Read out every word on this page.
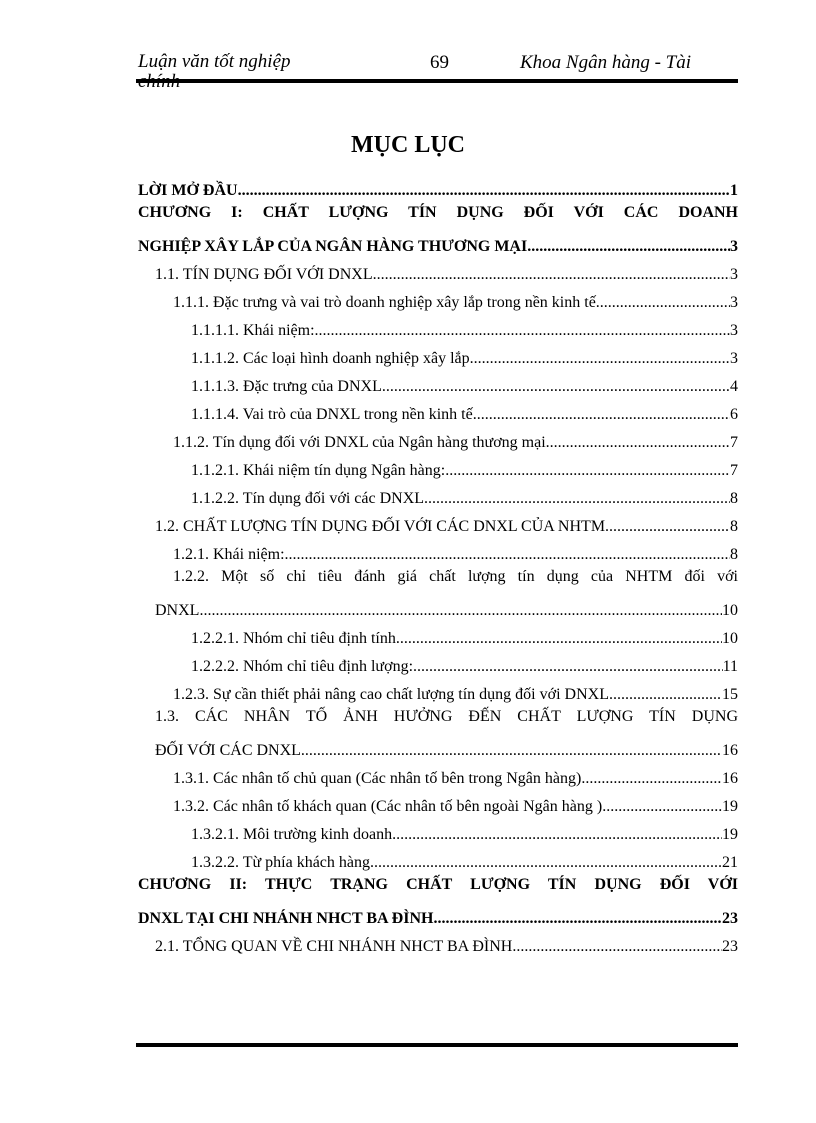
Luận văn tốt nghiệp	69	Khoa Ngân hàng - Tài
MỤC LỤC
LỜI MỞ ĐẦU .....	1
CHƯƠNG I: CHẤT LƯỢNG TÍN DỤNG ĐỐI VỚI CÁC DOANH
NGHIỆP XÂY LẮP CỦA NGÂN HÀNG THƯƠNG MẠI. .....	3
1.1. TÍN DỤNG ĐỐI VỚI DNXL. .....	3
1.1.1. Đặc trưng và vai trò doanh nghiệp xây lắp trong nền kinh tế. .....	3
1.1.1.1. Khái niệm: .....	3
1.1.1.2. Các loại hình doanh nghiệp xây lắp. .....	3
1.1.1.3. Đặc trưng của DNXL. .....	4
1.1.1.4. Vai trò của DNXL trong nền kinh tế .....	6
1.1.2. Tín dụng đối với DNXL của Ngân hàng thương mại. .....	7
1.1.2.1. Khái niệm tín dụng Ngân hàng: .....	7
1.1.2.2. Tín dụng đối với các DNXL .....	8
1.2. CHẤT LƯỢNG TÍN DỤNG ĐỐI VỚI CÁC DNXL CỦA NHTM .....	8
1.2.1. Khái niệm: .....	8
1.2.2. Một số chỉ tiêu đánh giá chất lượng tín dụng của NHTM đối với
DNXL. .....	10
1.2.2.1. Nhóm chỉ tiêu định tính. .....	10
1.2.2.2. Nhóm chỉ tiêu định lượng: .....	11
1.2.3. Sự cần thiết phải nâng cao chất lượng tín dụng đối với DNXL. .....	15
1.3. CÁC NHÂN TỐ ẢNH HƯỞNG ĐẾN CHẤT LƯỢNG TÍN DỤNG
ĐỐI VỚI CÁC DNXL. .....	16
1.3.1. Các nhân tố chủ quan (Các nhân tố bên trong Ngân hàng). .....	16
1.3.2. Các nhân tố khách quan (Các nhân tố bên ngoài Ngân hàng ) .....	19
1.3.2.1. Môi trường kinh doanh .....	19
1.3.2.2. Từ phía khách hàng .....	21
CHƯƠNG II: THỰC TRẠNG CHẤT LƯỢNG TÍN DỤNG ĐỐI VỚI
DNXL TẠI CHI NHÁNH NHCT BA ĐÌNH .....	23
2.1. TỔNG QUAN VỀ CHI NHÁNH NHCT BA ĐÌNH. .....	23
